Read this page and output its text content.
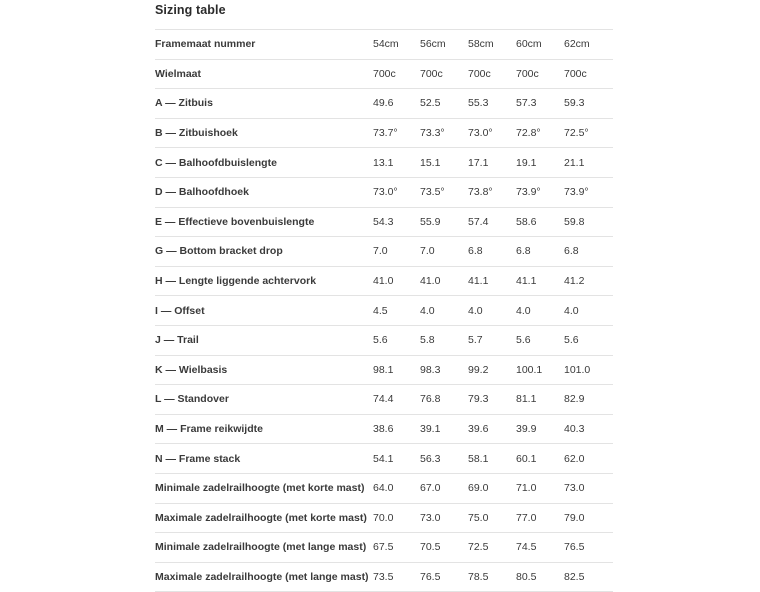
Sizing table
Framemaat nummer	54cm	56cm	58cm	60cm	62cm
Wielmaat	700c	700c	700c	700c	700c
A — Zitbuis	49.6	52.5	55.3	57.3	59.3
B — Zitbuishoek	73.7°	73.3°	73.0°	72.8°	72.5°
C — Balhoofdbuislengte	13.1	15.1	17.1	19.1	21.1
D — Balhoofdhoek	73.0°	73.5°	73.8°	73.9°	73.9°
E — Effectieve bovenbuislengte	54.3	55.9	57.4	58.6	59.8
G — Bottom bracket drop	7.0	7.0	6.8	6.8	6.8
H — Lengte liggende achtervork	41.0	41.0	41.1	41.1	41.2
I — Offset	4.5	4.0	4.0	4.0	4.0
J — Trail	5.6	5.8	5.7	5.6	5.6
K — Wielbasis	98.1	98.3	99.2	100.1	101.0
L — Standover	74.4	76.8	79.3	81.1	82.9
M — Frame reikwijdte	38.6	39.1	39.6	39.9	40.3
N — Frame stack	54.1	56.3	58.1	60.1	62.0
Minimale zadelrailhoogte (met korte mast)	64.0	67.0	69.0	71.0	73.0
Maximale zadelrailhoogte (met korte mast)	70.0	73.0	75.0	77.0	79.0
Minimale zadelrailhoogte (met lange mast)	67.5	70.5	72.5	74.5	76.5
Maximale zadelrailhoogte (met lange mast)	73.5	76.5	78.5	80.5	82.5
